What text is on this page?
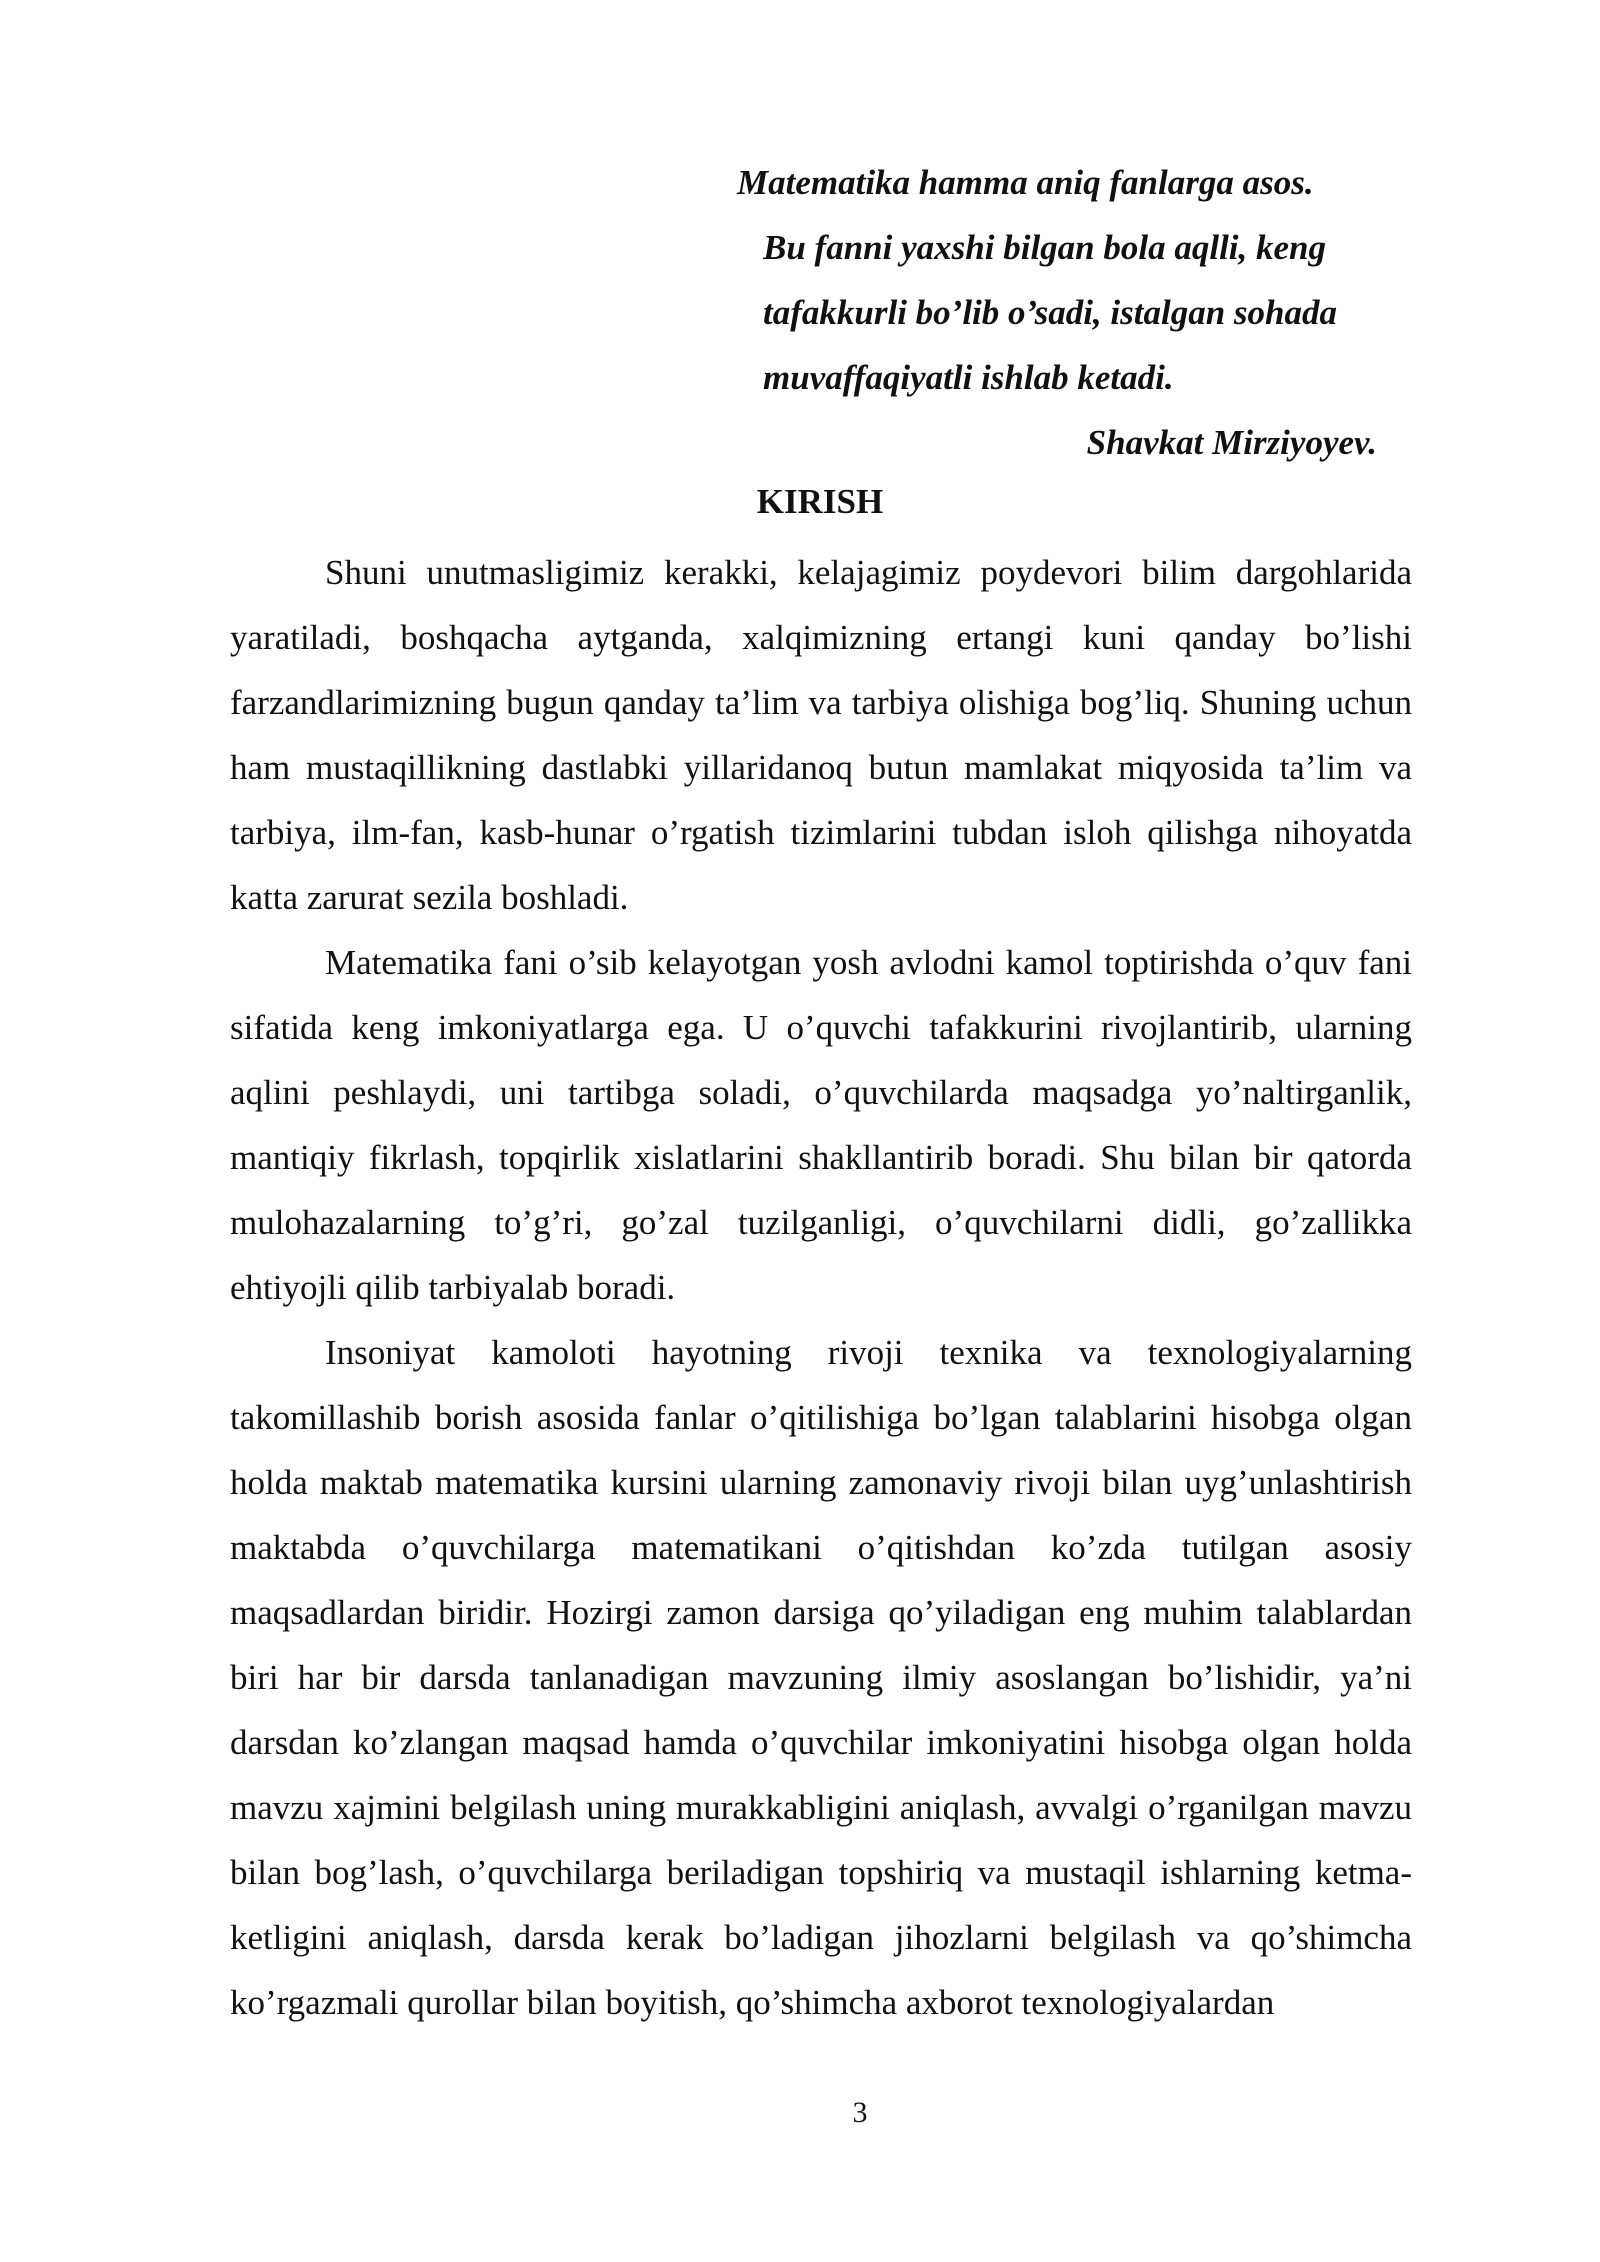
Matematika hamma aniq fanlarga asos.
Bu fanni yaxshi bilgan bola aqlli, keng
tafakkurli bo’lib o’sadi, istalgan sohada
muvaffaqiyatli ishlab ketadi.
Shavkat Mirziyoyev.
KIRISH

Shuni unutmasligimiz kerakki, kelajagimiz poydevori bilim dargohlarida yaratiladi, boshqacha aytganda, xalqimizning ertangi kuni qanday bo’lishi farzandlarimizning bugun qanday ta’lim va tarbiya olishiga bog’liq. Shuning uchun ham mustaqillikning dastlabki yillaridanoq butun mamlakat miqyosida ta’lim va tarbiya, ilm-fan, kasb-hunar o’rgatish tizimlarini tubdan isloh qilishga nihoyatda katta zarurat sezila boshladi.

Matematika fani o’sib kelayotgan yosh avlodni kamol toptirishda o’quv fani sifatida keng imkoniyatlarga ega. U o’quvchi tafakkurini rivojlantirib, ularning aqlini peshlaydi, uni tartibga soladi, o’quvchilarda maqsadga yo’naltirganlik, mantiqiy fikrlash, topqirlik xislatlarini shakllantirib boradi. Shu bilan bir qatorda mulohazalarning to’g’ri, go’zal tuzilganligi, o’quvchilarni didli, go’zallikka ehtiyojli qilib tarbiyalab boradi.

Insoniyat kamoloti hayotning rivoji texnika va texnologiyalarning takomillashib borish asosida fanlar o’qitilishiga bo’lgan talablarini hisobga olgan holda maktab matematika kursini ularning zamonaviy rivoji bilan uyg’unlashtirish maktabda o’quvchilarga matematikani o’qitishdan ko’zda tutilgan asosiy maqsadlardan biridir. Hozirgi zamon darsiga qo’yiladigan eng muhim talablardan biri har bir darsda tanlanadigan mavzuning ilmiy asoslangan bo’lishidir, ya’ni darsdan ko’zlangan maqsad hamda o’quvchilar imkoniyatini hisobga olgan holda mavzu xajmini belgilash uning murakkabligini aniqlash, avvalgi o’rganilgan mavzu bilan bog’lash, o’quvchilarga beriladigan topshiriq va mustaqil ishlarning ketma-ketligini aniqlash, darsda kerak bo’ladigan jihozlarni belgilash va qo’shimcha ko’rgazmali qurollar bilan boyitish, qo’shimcha axborot texnologiyalardan

3
